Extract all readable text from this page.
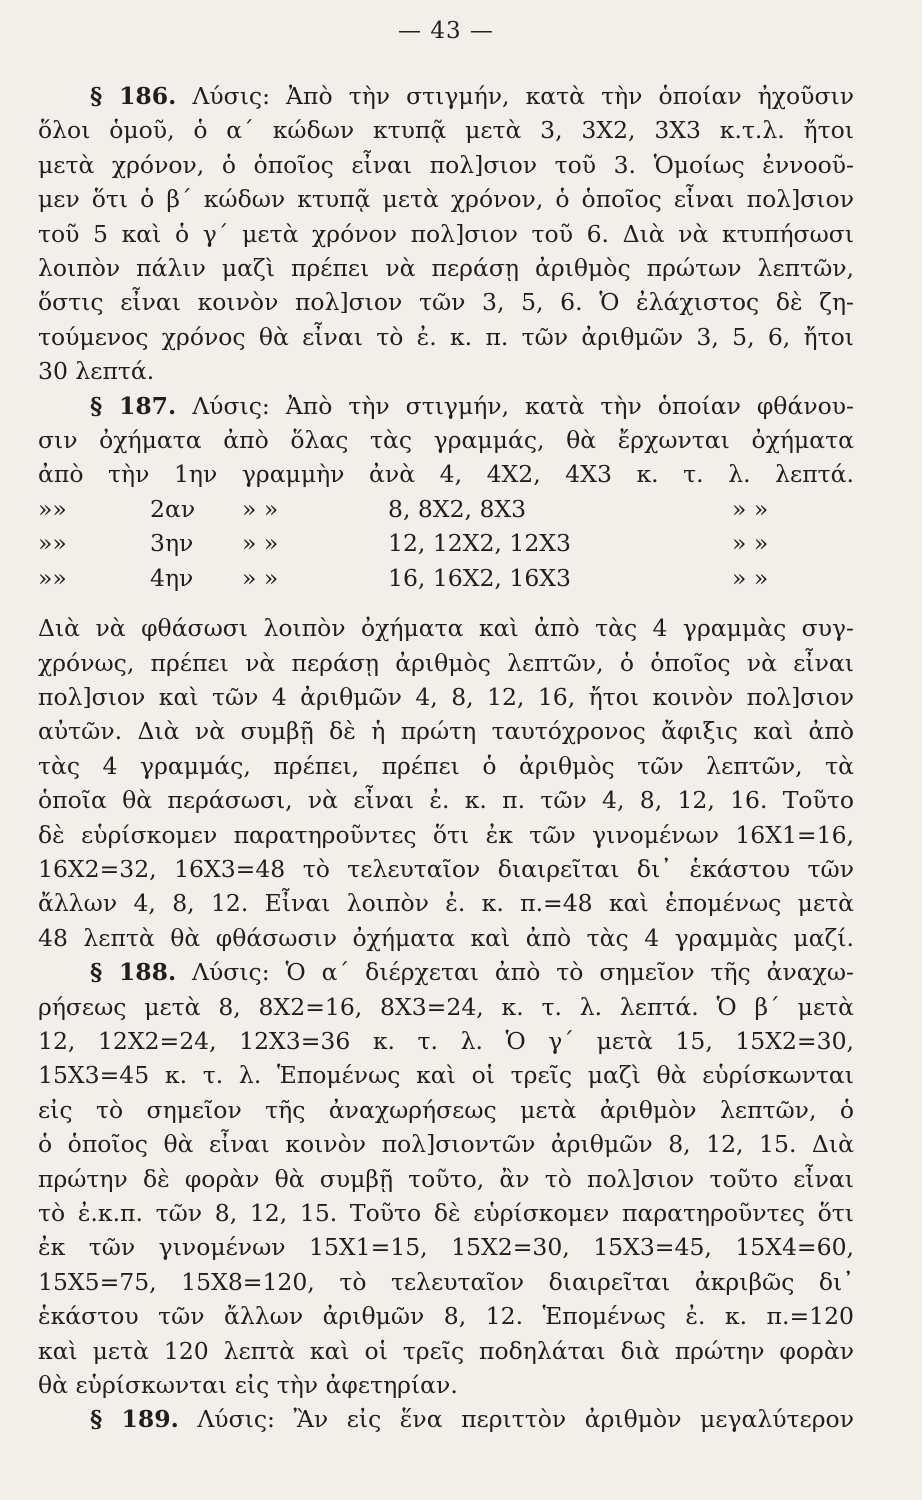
— 43 —
§ 186. Λύσις: Ἀπὸ τὴν στιγμήν, κατὰ τὴν ὁποίαν ἠχοῦσιν
ὅλοι ὁμοῦ, ὁ α΄ κώδων κτυπᾷ μετὰ 3, 3Χ2, 3Χ3 κ.τ.λ. ἤτοι
μετὰ χρόνον, ὁ ὁποῖος εἶναι πολ]σιον τοῦ 3. Ὁμοίως ἐννοοῦ-
μεν ὅτι ὁ β΄ κώδων κτυπᾷ μετὰ χρόνον, ὁ ὁποῖος εἶναι πολ]σιον
τοῦ 5 καὶ ὁ γ΄ μετὰ χρόνον πολ]σιον τοῦ 6. Διὰ νὰ κτυπήσωσι
λοιπὸν πάλιν μαζὶ πρέπει νὰ περάσῃ ἀριθμὸς πρώτων λεπτῶν,
ὅστις εἶναι κοινὸν πολ]σιον τῶν 3, 5, 6. Ὁ ἐλάχιστος δὲ ζη-
τούμενος χρόνος θὰ εἶναι τὸ ἐ. κ. π. τῶν ἀριθμῶν 3, 5, 6, ἤτοι
30 λεπτά.
§ 187. Λύσις: Ἀπὸ τὴν στιγμήν, κατὰ τὴν ὁποίαν φθάνου-
σιν ὀχήματα ἀπὸ ὅλας τὰς γραμμάς, θὰ ἔρχωνται ὀχήματα
ἀπὸ τὴν 1ην γραμμὴν ἀνὰ 4, 4Χ2, 4Χ3 κ. τ. λ. λεπτά.
»»	2αν	» »	8, 8Χ2, 8Χ3	» »
»»	3ην	» »	12, 12Χ2, 12Χ3	» »
»»	4ην	» »	16, 16Χ2, 16Χ3	» »
Διὰ νὰ φθάσωσι λοιπὸν ὀχήματα καὶ ἀπὸ τὰς 4 γραμμὰς συγ-
χρόνως, πρέπει νὰ περάσῃ ἀριθμὸς λεπτῶν, ὁ ὁποῖος νὰ εἶναι
πολ]σιον καὶ τῶν 4 ἀριθμῶν 4, 8, 12, 16, ἤτοι κοινὸν πολ]σιον
αὐτῶν. Διὰ νὰ συμβῇ δὲ ἡ πρώτη ταυτόχρονος ἄφιξις καὶ ἀπὸ
τὰς 4 γραμμάς, πρέπει, πρέπει ὁ ἀριθμὸς τῶν λεπτῶν, τὰ
ὁποῖα θὰ περάσωσι, νὰ εἶναι ἐ. κ. π. τῶν 4, 8, 12, 16. Τοῦτο
δὲ εὑρίσκομεν παρατηροῦντες ὅτι ἐκ τῶν γινομένων 16Χ1=16,
16Χ2=32, 16Χ3=48 τὸ τελευταῖον διαιρεῖται δι᾽ ἑκάστου τῶν
ἄλλων 4, 8, 12. Εἶναι λοιπὸν ἐ. κ. π.=48 καὶ ἑπομένως μετὰ
48 λεπτὰ θὰ φθάσωσιν ὀχήματα καὶ ἀπὸ τὰς 4 γραμμὰς μαζί.
§ 188. Λύσις: Ὁ α΄ διέρχεται ἀπὸ τὸ σημεῖον τῆς ἀναχω-
ρήσεως μετὰ 8, 8Χ2=16, 8Χ3=24, κ. τ. λ. λεπτά. Ὁ β΄ μετὰ
12, 12Χ2=24, 12Χ3=36 κ. τ. λ. Ὁ γ΄ μετὰ 15, 15Χ2=30,
15Χ3=45 κ. τ. λ. Ἑπομένως καὶ οἱ τρεῖς μαζὶ θὰ εὑρίσκωνται
εἰς τὸ σημεῖον τῆς ἀναχωρήσεως μετὰ ἀριθμὸν λεπτῶν, ὁ
ὁ ὁποῖος θὰ εἶναι κοινὸν πολ]σιοντῶν ἀριθμῶν 8, 12, 15. Διὰ
πρώτην δὲ φορὰν θὰ συμβῇ τοῦτο, ἂν τὸ πολ]σιον τοῦτο εἶναι
τὸ ἐ.κ.π. τῶν 8, 12, 15. Τοῦτο δὲ εὑρίσκομεν παρατηροῦντες ὅτι
ἐκ τῶν γινομένων 15Χ1=15, 15Χ2=30, 15Χ3=45, 15Χ4=60,
15Χ5=75, 15Χ8=120, τὸ τελευταῖον διαιρεῖται ἀκριβῶς δι᾽
ἑκάστου τῶν ἄλλων ἀριθμῶν 8, 12. Ἑπομένως ἐ. κ. π.=120
καὶ μετὰ 120 λεπτὰ καὶ οἱ τρεῖς ποδηλάται διὰ πρώτην φορὰν
θὰ εὑρίσκωνται εἰς τὴν ἀφετηρίαν.
§ 189. Λύσις: Ἂν εἰς ἕνα περιττὸν ἀριθμὸν μεγαλύτερον
